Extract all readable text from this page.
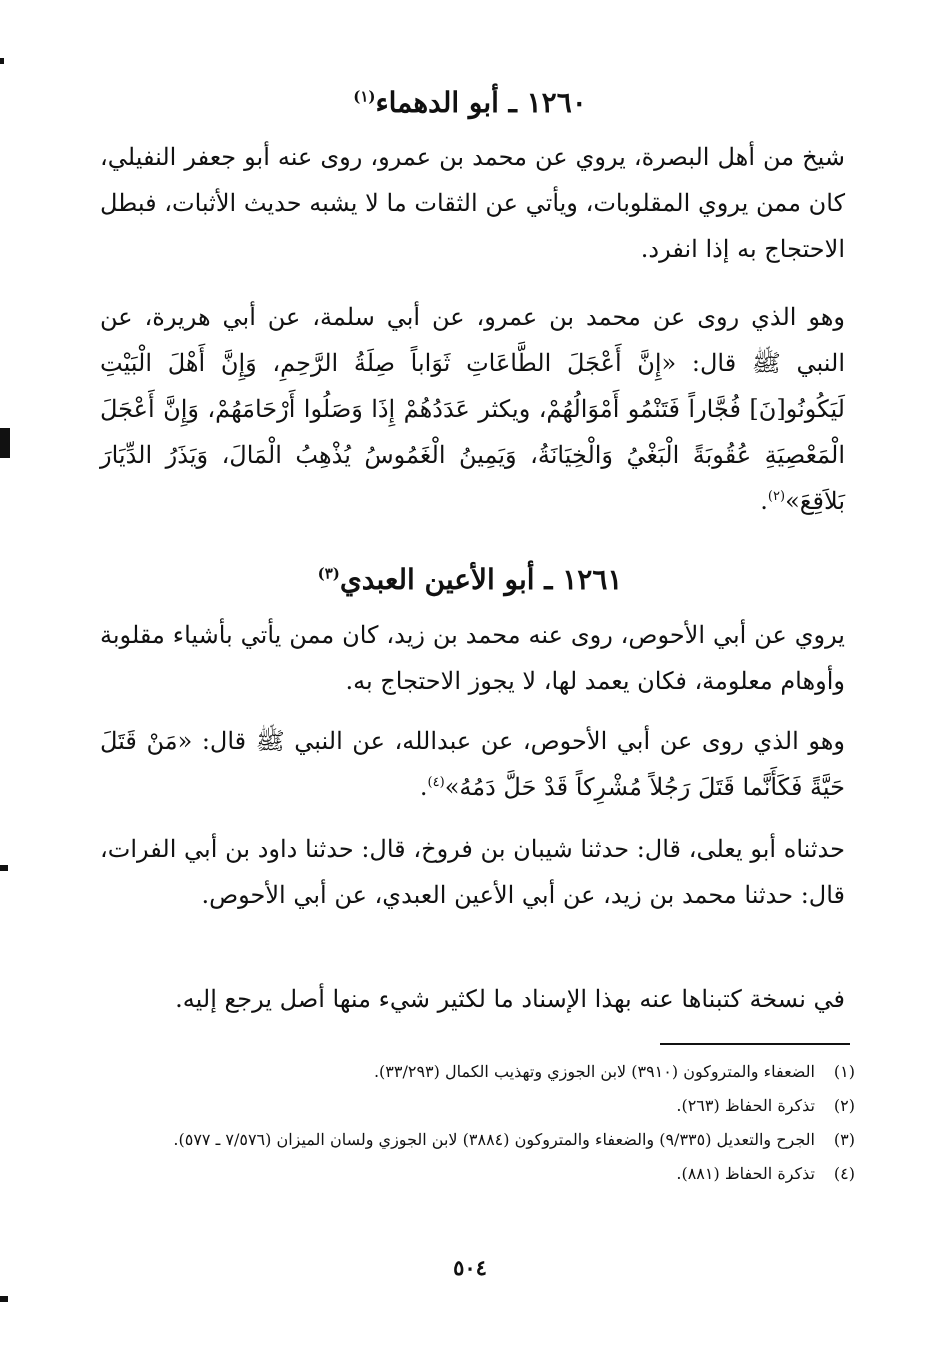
١٢٦٠ ـ أبو الدهماء$^{(١)}$

شيخ من أهل البصرة، يروي عن محمد بن عمرو، روى عنه أبو جعفر النفيلي، كان ممن يروي المقلوبات، ويأتي عن الثقات ما لا يشبه حديث الأثبات، فبطل الاحتجاج به إذا انفرد.

وهو الذي روى عن محمد بن عمرو، عن أبي سلمة، عن أبي هريرة، عن النبي ﷺ قال: «إِنَّ أَعْجَلَ الطَّاعَاتِ ثَوَاباً صِلَةُ الرَّحِمِ، وَإِنَّ أَهْلَ الْبَيْتِ لَيَكُونُو[نَ] فُجَّاراً فَتَنْمُو أَمْوَالُهُمْ، ويكثر عَدَدُهُمْ إِذَا وَصَلُوا أَرْحَامَهُمْ، وَإِنَّ أَعْجَلَ الْمَعْصِيَةِ عُقُوبَةً الْبَغْيُ وَالْخِيَانَةُ، وَيَمِينُ الْغَمُوسُ يُذْهِبُ الْمَالَ، وَيَذَرُ الدِّيَارَ بَلاَقِعَ»$^{(٢)}$.

١٢٦١ ـ أبو الأعين العبدي$^{(٣)}$

يروي عن أبي الأحوص، روى عنه محمد بن زيد، كان ممن يأتي بأشياء مقلوبة وأوهام معلومة، فكان يعمد لها، لا يجوز الاحتجاج به.

وهو الذي روى عن أبي الأحوص، عن عبدالله، عن النبي ﷺ قال: «مَنْ قَتَلَ حَيَّةً فَكَأَنَّما قَتَلَ رَجُلاً مُشْرِكاً قَدْ حَلَّ دَمُهُ»$^{(٤)}$.

حدثناه أبو يعلى، قال: حدثنا شيبان بن فروخ، قال: حدثنا داود بن أبي الفرات، قال: حدثنا محمد بن زيد، عن أبي الأعين العبدي، عن أبي الأحوص.

في نسخة كتبناها عنه بهذا الإسناد ما لكثير شيء منها أصل يرجع إليه.

(١)
الضعفاء والمتروكون (٣٩١٠) لابن الجوزي وتهذيب الكمال (٣٣/٢٩٣).
(٢)
تذكرة الحفاظ (٢٦٣).
(٣)
الجرح والتعديل (٩/٣٣٥) والضعفاء والمتروكون (٣٨٨٤) لابن الجوزي ولسان الميزان (٧/٥٧٦ ـ ٥٧٧).
(٤)
تذكرة الحفاظ (٨٨١).
٥٠٤
